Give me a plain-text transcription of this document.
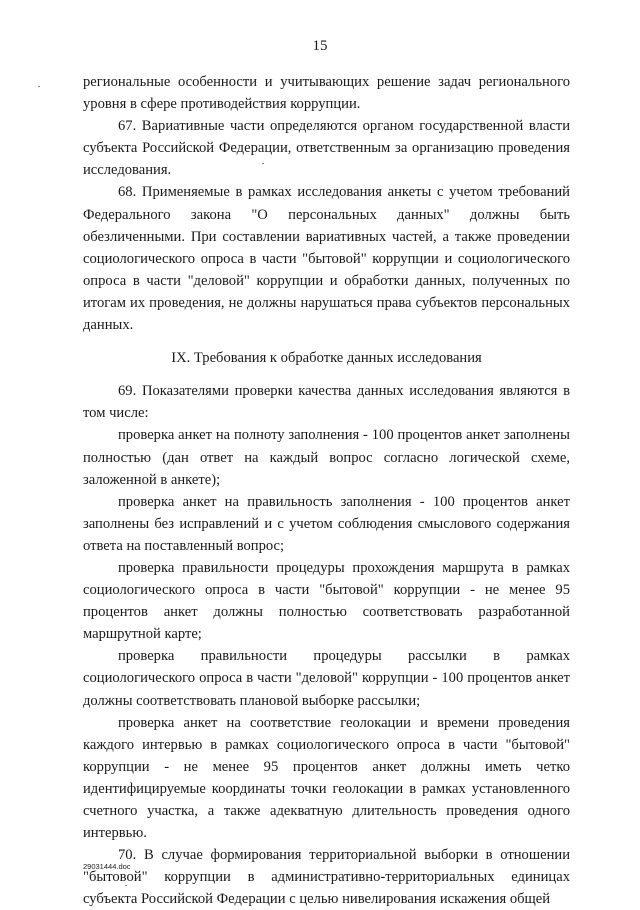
15

региональные особенности и учитывающих решение задач регионального уровня в сфере противодействия коррупции.

67. Вариативные части определяются органом государственной власти субъекта Российской Федерации, ответственным за организацию проведения исследования.

68. Применяемые в рамках исследования анкеты с учетом требований Федерального закона "О персональных данных" должны быть обезличенными. При составлении вариативных частей, а также проведении социологического опроса в части "бытовой" коррупции и социологического опроса в части "деловой" коррупции и обработки данных, полученных по итогам их проведения, не должны нарушаться права субъектов персональных данных.

IX. Требования к обработке данных исследования

69. Показателями проверки качества данных исследования являются в том числе:

проверка анкет на полноту заполнения - 100 процентов анкет заполнены полностью (дан ответ на каждый вопрос согласно логической схеме, заложенной в анкете);

проверка анкет на правильность заполнения - 100 процентов анкет заполнены без исправлений и с учетом соблюдения смыслового содержания ответа на поставленный вопрос;

проверка правильности процедуры прохождения маршрута в рамках социологического опроса в части "бытовой" коррупции - не менее 95 процентов анкет должны полностью соответствовать разработанной маршрутной карте;

проверка правильности процедуры рассылки в рамках социологического опроса в части "деловой" коррупции - 100 процентов анкет должны соответствовать плановой выборке рассылки;

проверка анкет на соответствие геолокации и времени проведения каждого интервью в рамках социологического опроса в части "бытовой" коррупции - не менее 95 процентов анкет должны иметь четко идентифицируемые координаты точки геолокации в рамках установленного счетного участка, а также адекватную длительность проведения одного интервью.

70. В случае формирования территориальной выборки в отношении "бытовой" коррупции в административно-территориальных единицах субъекта Российской Федерации с целью нивелирования искажения общей

29031444.doc
